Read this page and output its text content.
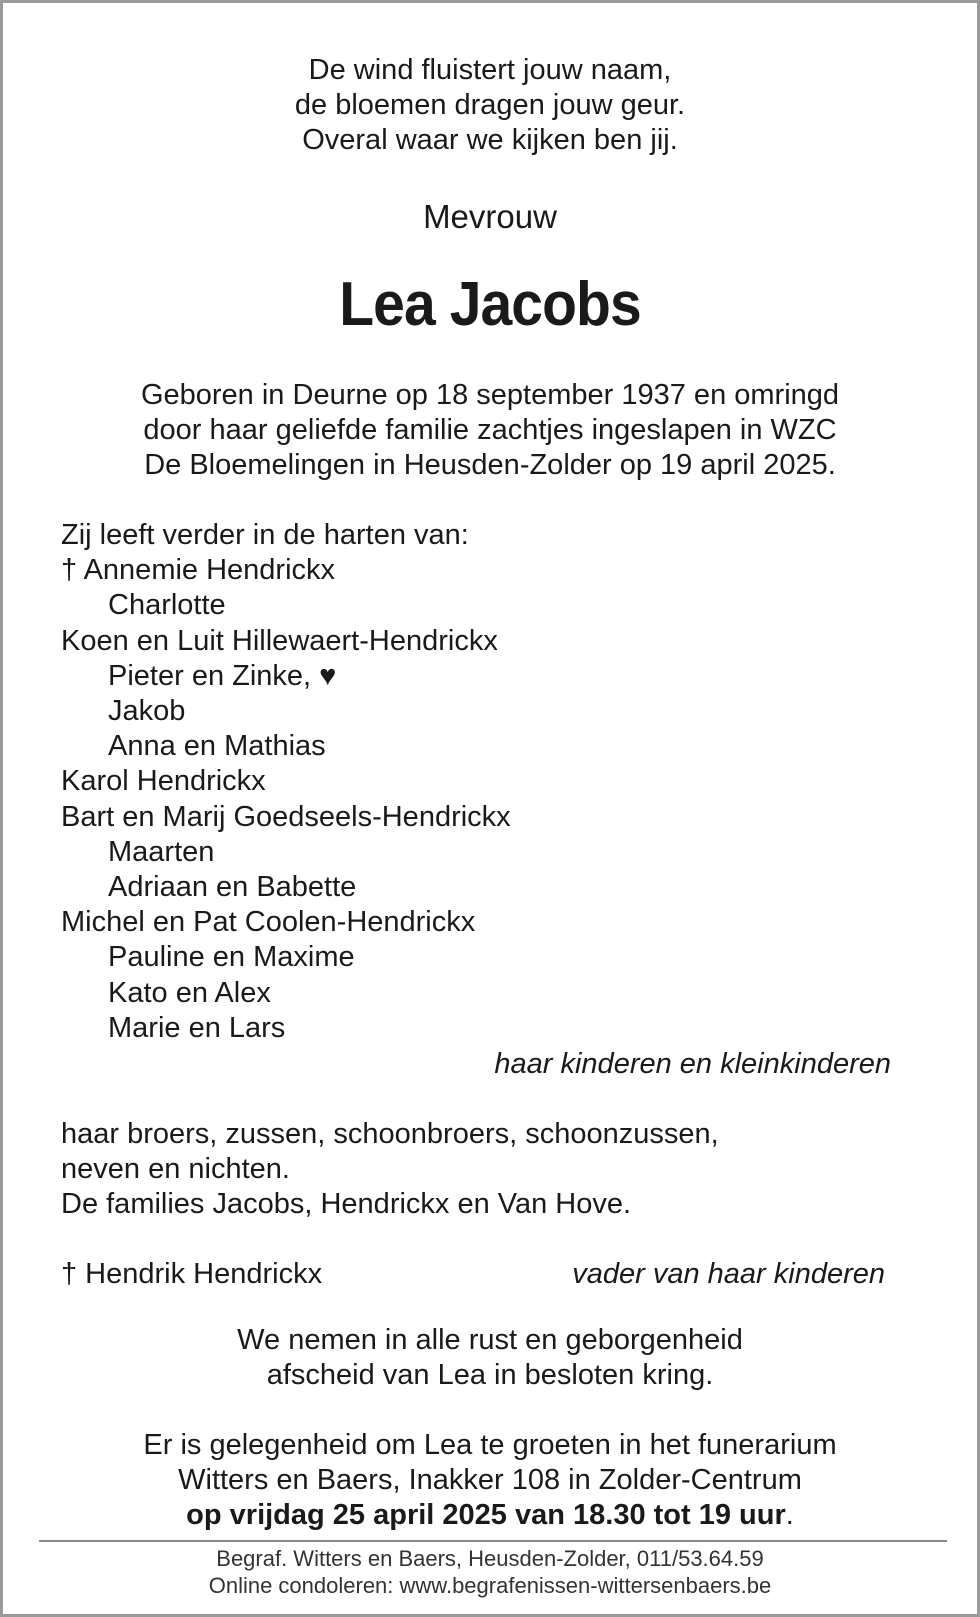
De wind fluistert jouw naam,
de bloemen dragen jouw geur.
Overal waar we kijken ben jij.
Mevrouw
Lea Jacobs
Geboren in Deurne op 18 september 1937 en omringd
door haar geliefde familie zachtjes ingeslapen in WZC
De Bloemelingen in Heusden-Zolder op 19 april 2025.
Zij leeft verder in de harten van:
† Annemie Hendrickx
Charlotte
Koen en Luit Hillewaert-Hendrickx
Pieter en Zinke, ♥
Jakob
Anna en Mathias
Karol Hendrickx
Bart en Marij Goedseels-Hendrickx
Maarten
Adriaan en Babette
Michel en Pat Coolen-Hendrickx
Pauline en Maxime
Kato en Alex
Marie en Lars
haar kinderen en kleinkinderen
haar broers, zussen, schoonbroers, schoonzussen,
neven en nichten.
De families Jacobs, Hendrickx en Van Hove.
† Hendrik Hendrickx	vader van haar kinderen
We nemen in alle rust en geborgenheid
afscheid van Lea in besloten kring.
Er is gelegenheid om Lea te groeten in het funerarium
Witters en Baers, Inakker 108 in Zolder-Centrum
op vrijdag 25 april 2025 van 18.30 tot 19 uur.
Begraf. Witters en Baers, Heusden-Zolder, 011/53.64.59
Online condoleren: www.begrafenissen-wittersenbaers.be
